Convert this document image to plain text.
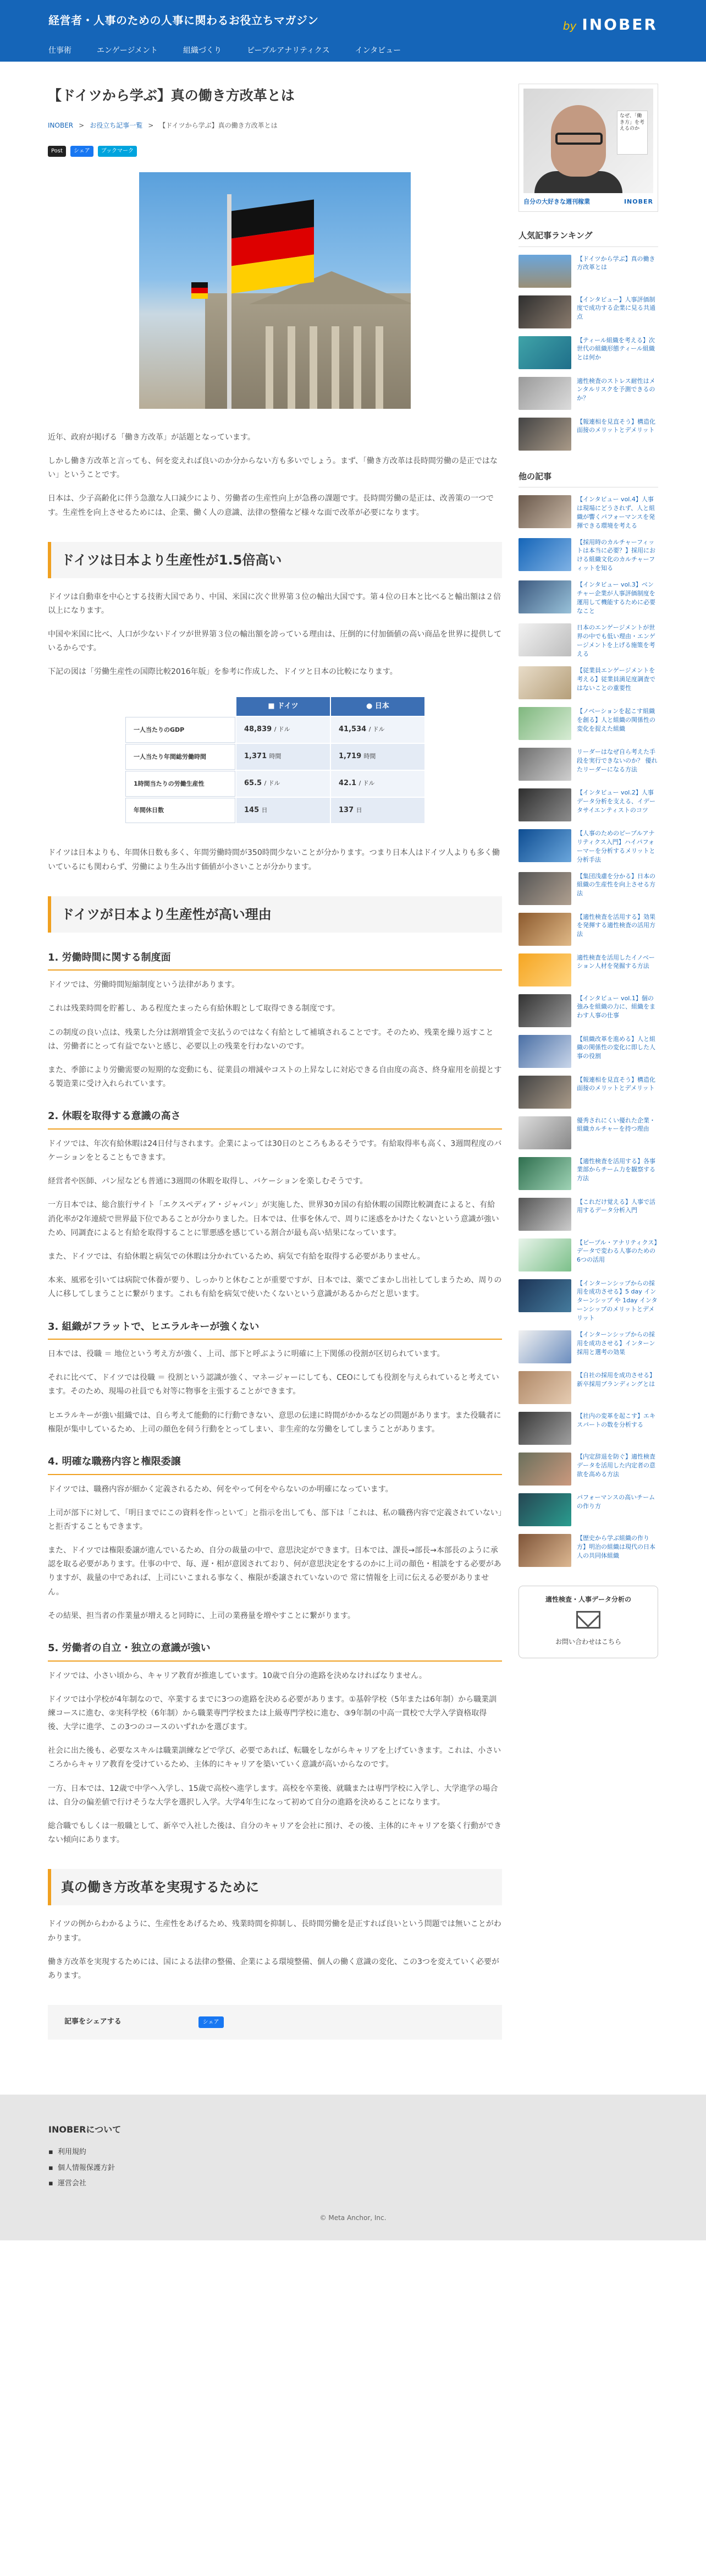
経営者・人事のための人事に関わるお役立ちマガジン	by INOBER
仕事術	エンゲージメント	組織づくり	ピープルアナリティクス	インタビュー
【ドイツから学ぶ】真の働き方改革とは
INOBER > お役立ち記事一覧 > 【ドイツから学ぶ】真の働き方改革とは
Post	シェア	ブックマーク

近年、政府が掲げる「働き方改革」が話題となっています。

しかし働き方改革と言っても、何を変えれば良いのか分からない方も多いでしょう。まず、「働き方改革は長時間労働の是正ではない」ということです。

日本は、少子高齢化に伴う急激な人口減少により、労働者の生産性向上が急務の課題です。長時間労働の是正は、改善策の一つです。生産性を向上させるためには、企業、働く人の意識、法律の整備など様々な面で改革が必要になります。

ドイツは日本より生産性が1.5倍高い

ドイツは自動車を中心とする技術大国であり、中国、米国に次ぐ世界第３位の輸出大国です。第４位の日本と比べると輸出額は２倍以上になります。

中国や米国に比べ、人口が少ないドイツが世界第３位の輸出額を誇っている理由は、圧倒的に付加価値の高い商品を世界に提供しているからです。

下記の図は「労働生産性の国際比較2016年版」を参考に作成した、ドイツと日本の比較になります。

	■ ドイツ	● 日本
一人当たりのGDP	48,839 / ドル	41,534 / ドル
一人当たり年間総労働時間	1,371 時間	1,719 時間
1時間当たりの労働生産性	65.5 / ドル	42.1 / ドル
年間休日数	145 日	137 日

ドイツは日本よりも、年間休日数も多く、年間労働時間が350時間少ないことが分かります。つまり日本人はドイツ人よりも多く働いているにも関わらず、労働により生み出す価値が小さいことが分かります。

ドイツが日本より生産性が高い理由
1. 労働時間に関する制度面

ドイツでは、労働時間短縮制度という法律があります。

これは残業時間を貯蓄し、ある程度たまったら有給休暇として取得できる制度です。

この制度の良い点は、残業した分は割増賃金で支払うのではなく有給として補填されることです。そのため、残業を繰り返すことは、労働者にとって有益でないと感じ、必要以上の残業を行わないのです。

また、季節により労働需要の短期的な変動にも、従業員の増減やコストの上昇なしに対応できる自由度の高さ、終身雇用を前提とする製造業に受け入れられています。

2. 休暇を取得する意識の高さ

ドイツでは、年次有給休暇は24日付与されます。企業によっては30日のところもあるそうです。有給取得率も高く、3週間程度のバケーションをとることもできます。

経営者や医師、パン屋なども普通に3週間の休暇を取得し、バケーションを楽しむそうです。

一方日本では、総合旅行サイト「エクスペディア・ジャパン」が実施した、世界30カ国の有給休暇の国際比較調査によると、有給消化率が2年連続で世界最下位であることが分かりました。日本では、仕事を休んで、周りに迷惑をかけたくないという意識が強いため、同調査によると有給を取得することに罪悪感を感じている割合が最も高い結果になっています。

また、ドイツでは、有給休暇と病気での休暇は分かれているため、病気で有給を取得する必要がありません。

本来、風邪を引いては病院で休養が要り、しっかりと休むことが重要ですが、日本では、薬でごまかし出社してしまうため、周りの人に移してしまうことに繋がります。これも有給を病気で使いたくないという意識があるからだと思います。

3. 組織がフラットで、ヒエラルキーが強くない

日本では、役職 ＝ 地位という考え方が強く、上司、部下と呼ぶように明確に上下関係の役割が区切られています。

それに比べて、ドイツでは役職 ＝ 役割という認識が強く、マネージャーにしても、CEOにしても役割を与えられていると考えています。そのため、現場の社員でも対等に物事を主張することができます。

ヒエラルキーが強い組織では、自ら考えて能動的に行動できない、意思の伝達に時間がかかるなどの問題があります。また役職者に権限が集中しているため、上司の顔色を伺う行動をとってしまい、非生産的な労働をしてしまうことがあります。

4. 明確な職務内容と権限委譲

ドイツでは、職務内容が細かく定義されるため、何をやって何をやらないのか明確になっています。

上司が部下に対して、「明日までにこの資料を作っといて」と指示を出しても、部下は「これは、私の職務内容で定義されていない」と拒否することもできます。

また、ドイツでは権限委譲が進んでいるため、自分の裁量の中で、意思決定ができます。日本では、課長→部長→本部長のように承認を取る必要があります。仕事の中で、毎、遅・相が意図されており、何が意思決定をするのかに上司の顔色・相談をする必要がありますが、裁量の中であれば、上司にいこまれる事なく、権限が委譲されていないので 常に情報を上司に伝える必要がありません。

その結果、担当者の作業量が増えると同時に、上司の業務量を増やすことに繋がります。

5. 労働者の自立・独立の意識が強い

ドイツでは、小さい頃から、キャリア教育が推進しています。10歳で自分の進路を決めなければなりません。

ドイツでは小学校が4年制なので、卒業するまでに3つの進路を決める必要があります。①基幹学校（5年または6年制）から職業訓練コースに進む、②実科学校（6年制）から職業専門学校または上級専門学校に進む、③9年制の中高一貫校で大学入学資格取得後、大学に進学、この3つのコースのいずれかを選びます。

社会に出た後も、必要なスキルは職業訓練などで学び、必要であれば、転職をしながらキャリアを上げていきます。これは、小さいころからキャリア教育を受けているため、主体的にキャリアを築いていく意識が高いからなのです。

一方、日本では、12歳で中学へ入学し、15歳で高校へ進学します。高校を卒業後、就職または専門学校に入学し、大学進学の場合は、自分の偏差値で行けそうな大学を選択し入学。大学4年生になって初めて自分の進路を決めることになります。

総合職でもしくは一般職として、新卒で入社した後は、自分のキャリアを会社に預け、その後、主体的にキャリアを築く行動ができない傾向にあります。

真の働き方改革を実現するために

ドイツの例からわかるように、生産性をあげるため、残業時間を抑制し、長時間労働を是正すれば良いという問題では無いことがわかります。

働き方改革を実現するためには、国による法律の整備、企業による環境整備、個人の働く意識の変化、この3つを変えていく必要があります。

記事をシェアする	シェア
なぜ、「働き方」を考えるのか
自分の大好きな週刊稼業	INOBER
人気記事ランキング
【ドイツから学ぶ】真の働き方改革とは
【インタビュー】人事評価制度で成功する企業に見る共通点
【ティール組織を考える】次世代の組織形態ティール組織とは何か
適性検査のストレス耐性はメンタルリスクを予測できるのか？
【報連相を見直そう】構造化面接のメリットとデメリット
他の記事
【インタビュー vol.4】人事は現場にどうされず、人と組織が響くパフォーマンスを発揮できる環境を考える
【採用時のカルチャーフィットは本当に必要？】採用における組織文化のカルチャーフィットを知る
【インタビュー vol.3】ベンチャー企業が人事評価制度を運用して機能するために必要なこと
日本のエンゲージメントが世界の中でも低い理由・エンゲージメントを上げる施策を考える
【従業員エンゲージメントを考える】従業員満足度調査ではないことの重要性
【ノベーションを起こす組織を創る】人と組織の関係性の変化を捉えた組織
リーダーはなぜ自ら考えた手段を実行できないのか？ 優れたリーダーになる方法
【インタビュー vol.2】人事データ分析を支える、イデータサイエンティストのコツ
【人事のためのピープルアナリティクス入門】ハイパフォーマーを分析するメリットと分析手法
【集団浅慮を分かる】日本の組織の生産性を向上させる方法
【適性検査を活用する】効果を発揮する適性検査の活用方法
適性検査を活用したイノベーション人材を発掘する方法
【インタビュー vol.1】個の強みを組織の力に、組織をまわす人事の仕事
【組織改革を進める】人と組織の関係性の変化に即した人事の役割
【報連相を見直そう】構造化面接のメリットとデメリット
優秀されにくい優れた企業・組織カルチャーを持つ理由
【適性検査を活用する】各事業部からチーム力を観察する方法
【これだけ覚える】人事で活用するデータ分析入門
【ピープル・アナリティクス】データで変わる人事のための6つの活用
【インターンシップからの採用を成功させる】5 day インターンシップ や 1day インターンシップのメリットとデメリット
【インターンシップからの採用を成功させる】インターン採用と選考の効果
【自社の採用を成功させる】新卒採用ブランディングとは
【社内の変革を起こす】エキスパートの数を分析する
【内定辞退を防ぐ】適性検査データを活用した内定者の意欲を高める方法
パフォーマンスの高いチームの作り方
【歴史から学ぶ組織の作り方】明治の組織は現代の日本人の共同体組織
適性検査・人事データ分析の
お問い合わせはこちら
INOBERについて
▪ 利用規約
▪ 個人情報保護方針
▪ 運営会社
© Meta Anchor, Inc.
